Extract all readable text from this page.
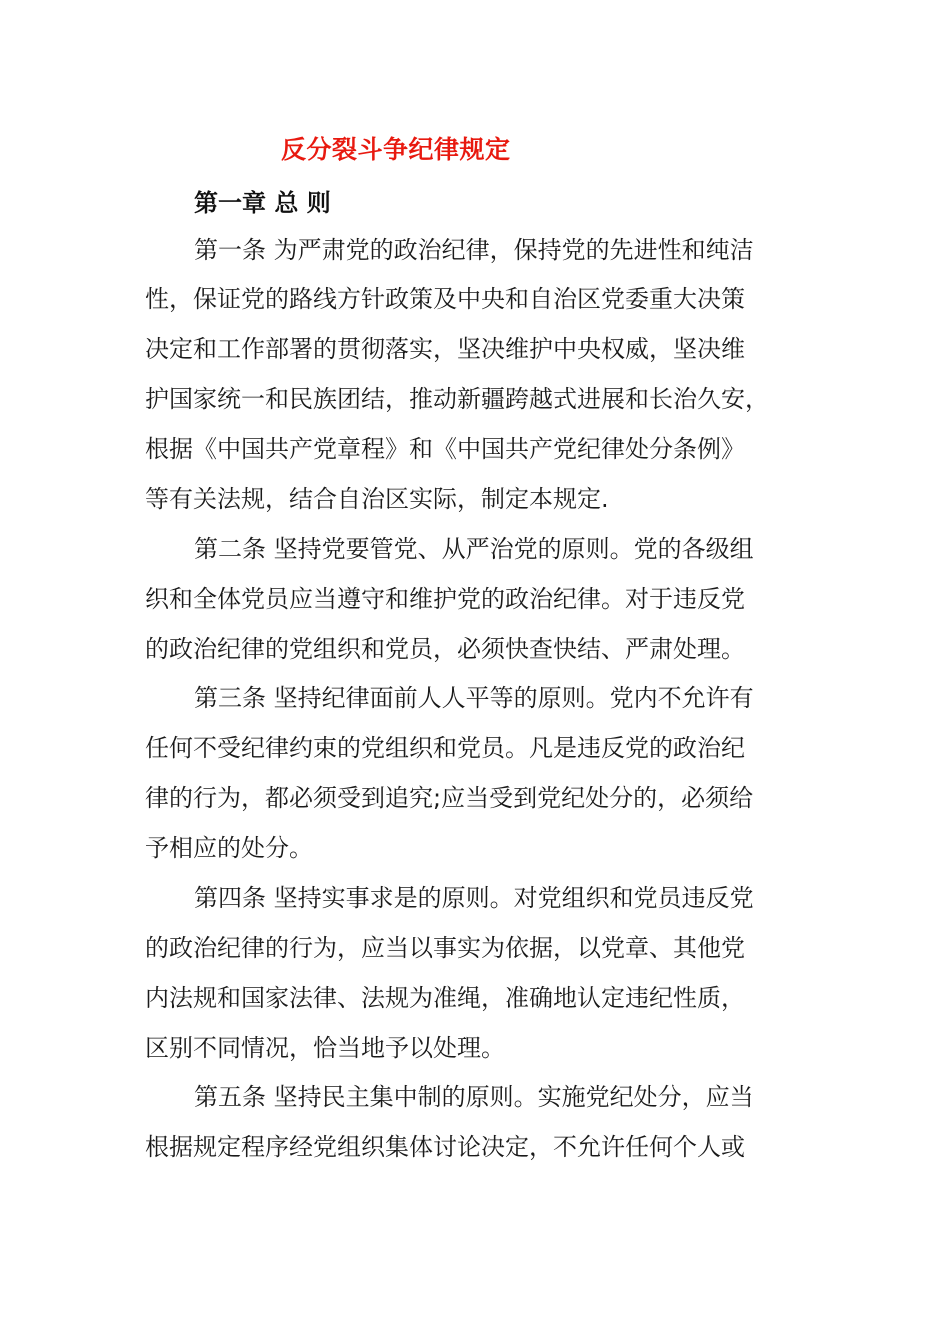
反分裂斗争纪律规定
第一章 总 则
第一条 为严肃党的政治纪律，保持党的先进性和纯洁
性，保证党的路线方针政策及中央和自治区党委重大决策
决定和工作部署的贯彻落实，坚决维护中央权威，坚决维
护国家统一和民族团结，推动新疆跨越式进展和长治久安，
根据《中国共产党章程》和《中国共产党纪律处分条例》
等有关法规，结合自治区实际，制定本规定.
第二条 坚持党要管党、从严治党的原则。党的各级组
织和全体党员应当遵守和维护党的政治纪律。对于违反党
的政治纪律的党组织和党员，必须快查快结、严肃处理。
第三条 坚持纪律面前人人平等的原则。党内不允许有
任何不受纪律约束的党组织和党员。凡是违反党的政治纪
律的行为，都必须受到追究;应当受到党纪处分的，必须给
予相应的处分。
第四条 坚持实事求是的原则。对党组织和党员违反党
的政治纪律的行为，应当以事实为依据，以党章、其他党
内法规和国家法律、法规为准绳，准确地认定违纪性质，
区别不同情况，恰当地予以处理。
第五条 坚持民主集中制的原则。实施党纪处分，应当
根据规定程序经党组织集体讨论决定，不允许任何个人或
